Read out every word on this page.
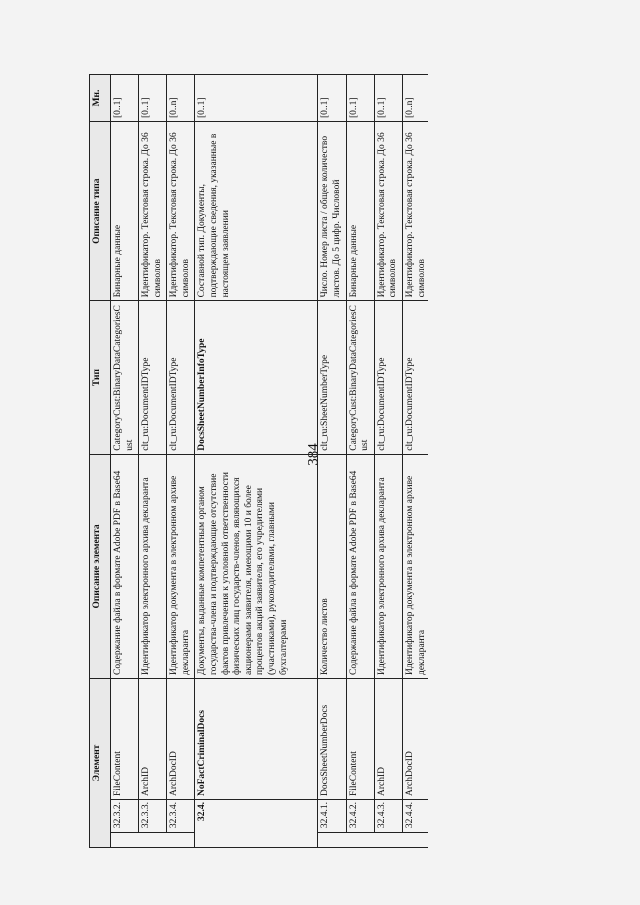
384
Элемент			Описание элемента	Тип	Описание типа	Мн.
	32.3.2.	FileContent	Содержание файла в формате Adobe PDF в Base64	CategoryCust:BinaryDataCategoriesCust	Бинарные данные	[0..1]
	32.3.3.	ArchID	Идентификатор электронного архива декларанта	clt_ru:DocumentIDType	Идентификатор. Текстовая строка. До 36 символов	[0..1]
	32.3.4.	ArchDocID	Идентификатор документа в электронном архиве декларанта	clt_ru:DocumentIDType	Идентификатор. Текстовая строка. До 36 символов	[0..n]
32.4.		NoFactCriminalDocs	Документы, выданные компетентным органом государства-члена и подтверждающие отсутствие фактов привлечения к уголовной ответственности физических лиц государств-членов, являющихся акционерами заявителя, имеющими 10 и более процентов акций заявителя, его учредителями (участниками), руководителями, главными бухгалтерами	DocsSheetNumberInfoType	Составной тип. Документы, подтверждающие сведения, указанные в настоящем заявлении	[0..1]
	32.4.1.	DocsSheetNumberDocs	Количество листов	clt_ru:SheetNumberType	Число. Номер листа / общее количество листов. До 5 цифр. Числовой	[0..1]
	32.4.2.	FileContent	Содержание файла в формате Adobe PDF в Base64	CategoryCust:BinaryDataCategoriesCust	Бинарные данные	[0..1]
	32.4.3.	ArchID	Идентификатор электронного архива декларанта	clt_ru:DocumentIDType	Идентификатор. Текстовая строка. До 36 символов	[0..1]
	32.4.4.	ArchDocID	Идентификатор документа в электронном архиве декларанта	clt_ru:DocumentIDType	Идентификатор. Текстовая строка. До 36 символов	[0..n]
